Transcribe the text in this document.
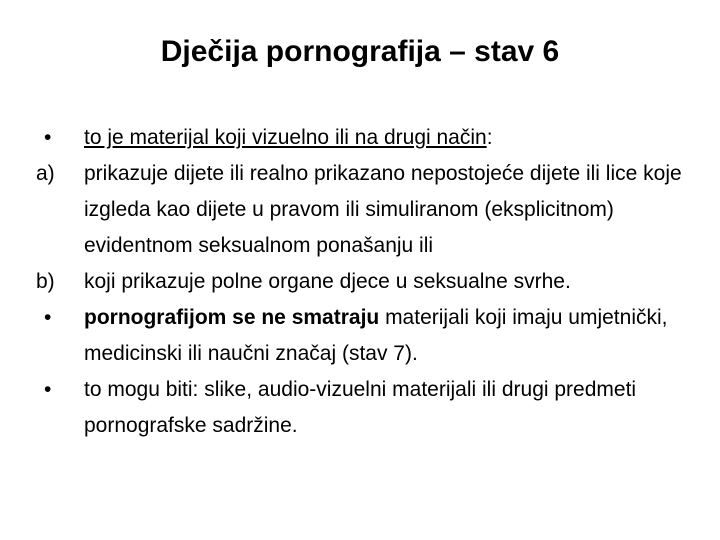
Dječija pornografija – stav 6
•	to je materijal koji vizuelno ili na drugi način:
a)	prikazuje dijete ili realno prikazano nepostojeće dijete ili lice koje izgleda kao dijete u pravom ili simuliranom (eksplicitnom) evidentnom seksualnom ponašanju ili
b)	koji prikazuje polne organe djece u seksualne svrhe.
•	pornografijom se ne smatraju materijali koji imaju umjetnički, medicinski ili naučni značaj (stav 7).
•	to mogu biti: slike, audio-vizuelni materijali ili drugi predmeti pornografske sadržine.
